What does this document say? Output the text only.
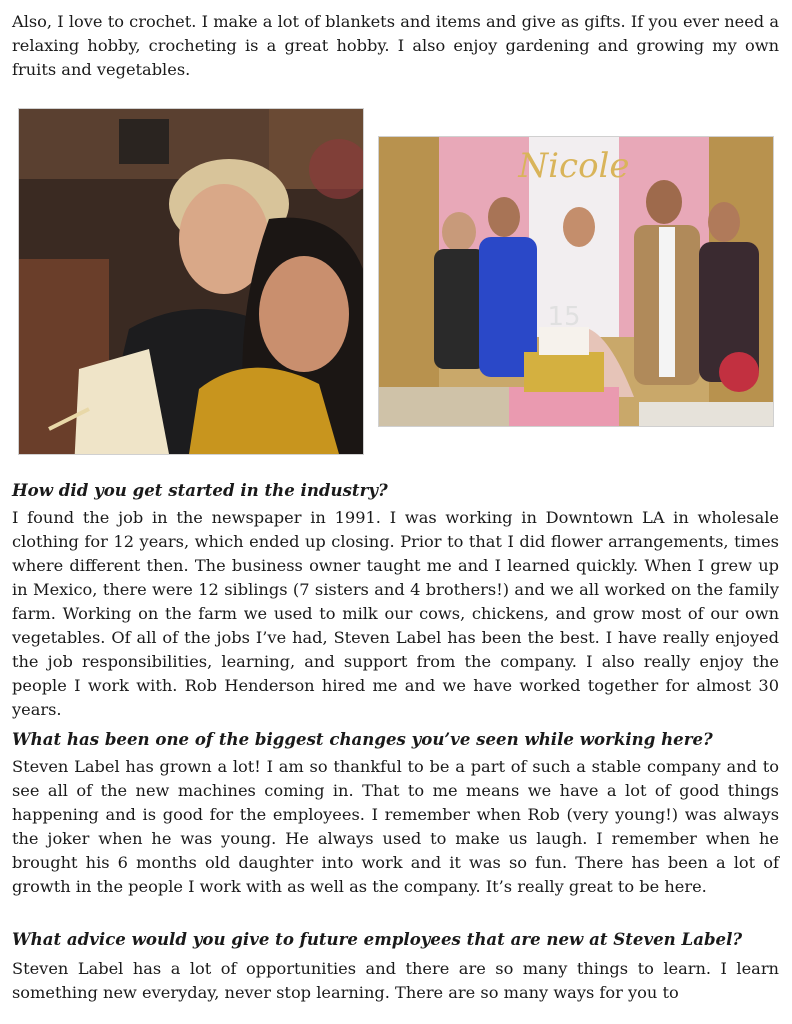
Also, I love to crochet. I make a lot of blankets and items and give as gifts. If you ever need a relaxing hobby, crocheting is a great hobby. I also enjoy gardening and growing my own fruits and vegetables.

Nicole
15
How did you get started in the industry?

I found the job in the newspaper in 1991. I was working in Downtown LA in wholesale clothing for 12 years, which ended up closing. Prior to that I did flower arrangements, times where different then. The business owner taught me and I learned quickly. When I grew up in Mexico, there were 12 siblings (7 sisters and 4 brothers!) and we all worked on the family farm. Working on the farm we used to milk our cows, chickens, and grow most of our own vegetables. Of all of the jobs I’ve had, Steven Label has been the best. I have really enjoyed the job responsibilities, learning, and support from the company. I also really enjoy the people I work with. Rob Henderson hired me and we have worked together for almost 30 years.

What has been one of the biggest changes you’ve seen while working here?

Steven Label has grown a lot! I am so thankful to be a part of such a stable company and to see all of the new machines coming in. That to me means we have a lot of good things happening and is good for the employees. I remember when Rob (very young!) was always the joker when he was young. He always used to make us laugh. I remember when he brought his 6 months old daughter into work and it was so fun. There has been a lot of growth in the people I work with as well as the company. It’s really great to be here.

What advice would you give to future employees that are new at Steven Label?

Steven Label has a lot of opportunities and there are so many things to learn. I learn something new everyday, never stop learning. There are so many ways for you to
